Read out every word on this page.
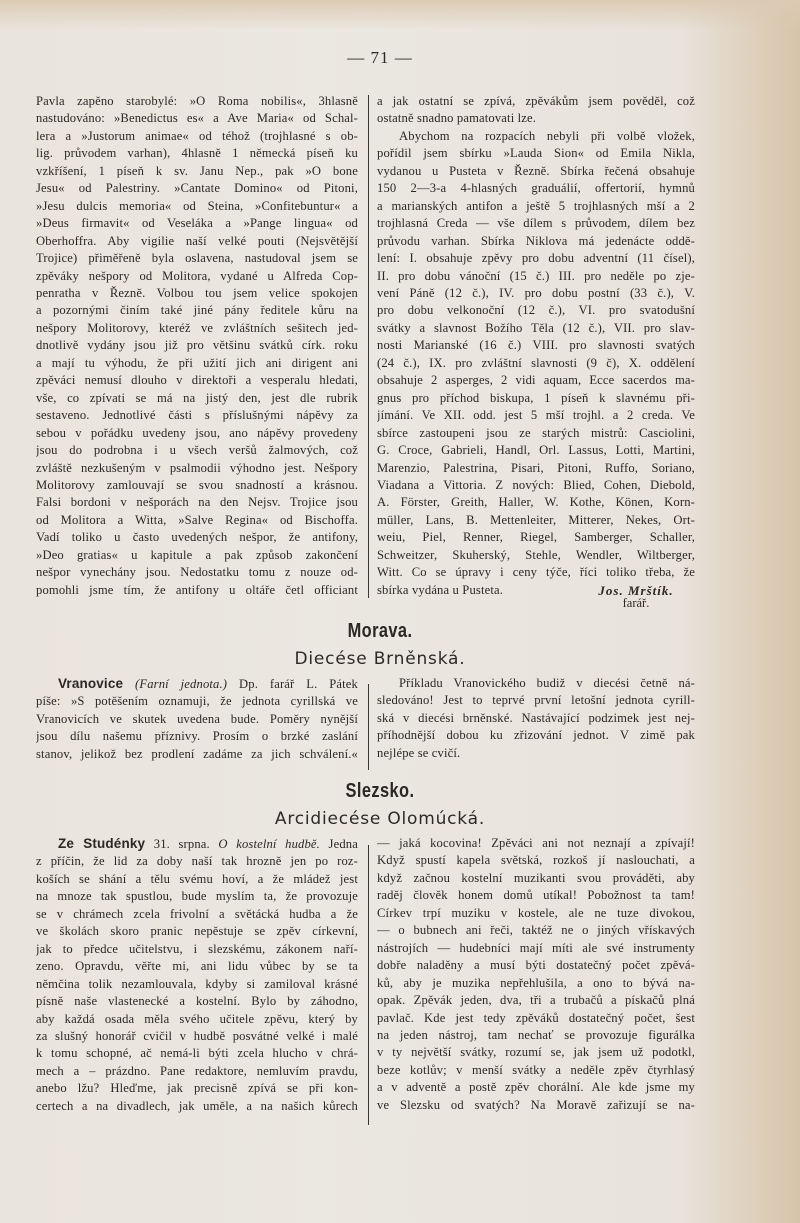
— 71 —
Pavla zapěno starobylé: »O Roma nobilis«, 3hlasně
nastudováno: »Benedictus es« a Ave Maria« od Schal-
lera a »Justorum animae« od téhož (trojhlasné s ob-
lig. průvodem varhan), 4hlasně 1 německá píseň ku
vzkříšení, 1 píseň k sv. Janu Nep., pak »O bone
Jesu« od Palestriny. »Cantate Domino« od Pitoni,
»Jesu dulcis memoria« od Steina, »Confitebuntur« a
»Deus firmavit« od Veseláka a »Pange lingua« od
Oberhoffra. Aby vigilie naší velké pouti (Nejsvětější
Trojice) přiměřeně byla oslavena, nastudoval jsem se
zpěváky nešpory od Molitora, vydané u Alfreda Cop-
penratha v Řezně. Volbou tou jsem velice spokojen
a pozornými činím také jiné pány ředitele kůru na
nešpory Molitorovy, kteréž ve zvláštních sešitech jed-
dnotlivě vydány jsou již pro většinu svátků círk. roku
a mají tu výhodu, že při užití jich ani dirigent ani
zpěváci nemusí dlouho v direktoři a vesperalu hledati,
vše, co zpívati se má na jistý den, jest dle rubrik
sestaveno. Jednotlivé části s příslušnými nápěvy za
sebou v pořádku uvedeny jsou, ano nápěvy provedeny
jsou do podrobna i u všech veršů žalmových, což
zvláště nezkušeným v psalmodii výhodno jest. Nešpory
Molitorovy zamlouvají se svou snadností a krásnou.
Falsi bordoni v nešporách na den Nejsv. Trojice jsou
od Molitora a Witta, »Salve Regina« od Bischoffa.
Vadí toliko u často uvedených nešpor, že antifony,
»Deo gratias« u kapitule a pak způsob zakončení
nešpor vynechány jsou. Nedostatku tomu z nouze od-
pomohli jsme tím, že antifony u oltáře četl officiant
a jak ostatní se zpívá, zpěvákům jsem pověděl, což
ostatně snadno pamatovati lze.
Abychom na rozpacích nebyli při volbě vložek,
pořídil jsem sbírku »Lauda Sion« od Emila Nikla,
vydanou u Pusteta v Řezně. Sbírka řečená obsahuje
150 2—3-a 4-hlasných graduálií, offertorií, hymnů
a marianských antifon a ještě 5 trojhlasných mší a 2
trojhlasná Creda — vše dílem s průvodem, dílem bez
průvodu varhan. Sbírka Niklova má jedenácte oddě-
lení: I. obsahuje zpěvy pro dobu adventní (11 čísel),
II. pro dobu vánoční (15 č.) III. pro neděle po zje-
vení Páně (12 č.), IV. pro dobu postní (33 č.), V.
pro dobu velkonoční (12 č.), VI. pro svatodušní
svátky a slavnost Božího Těla (12 č.), VII. pro slav-
nosti Marianské (16 č.) VIII. pro slavnosti svatých
(24 č.), IX. pro zvláštní slavnosti (9 č), X. oddělení
obsahuje 2 asperges, 2 vidi aquam, Ecce sacerdos ma-
gnus pro příchod biskupa, 1 píseň k slavnému při-
jímání. Ve XII. odd. jest 5 mší trojhl. a 2 creda. Ve
sbírce zastoupeni jsou ze starých mistrů: Casciolini,
G. Croce, Gabrieli, Handl, Orl. Lassus, Lotti, Martini,
Marenzio, Palestrina, Pisari, Pitoni, Ruffo, Soriano,
Viadana a Vittoria. Z nových: Blied, Cohen, Diebold,
A. Förster, Greith, Haller, W. Kothe, Könen, Korn-
müller, Lans, B. Mettenleiter, Mitterer, Nekes, Ort-
weiu, Piel, Renner, Riegel, Samberger, Schaller,
Schweitzer, Skuherský, Stehle, Wendler, Wiltberger,
Witt. Co se úpravy i ceny týče, říci toliko třeba, že
sbírka vydána u Pusteta.	Jos. Mrštík.
farář.
Morava.
Diecése Brněnská.
Vranovice (Farní jednota.) Dp. farář L. Pátek
píše: »S potěšením oznamuji, že jednota cyrillská ve
Vranovicích ve skutek uvedena bude. Poměry nynější
jsou dílu našemu příznivy. Prosím o brzké zaslání
stanov, jelikož bez prodlení zadáme za jich schválení.«
Příkladu Vranovického budiž v diecési četně ná-
sledováno! Jest to teprvé první letošní jednota cyrill-
ská v diecési brněnské. Nastávající podzimek jest nej-
příhodnější dobou ku zřizování jednot. V zimě pak
nejlépe se cvičí.
Slezsko.
Arcidiecése Olomúcká.
Ze Studénky 31. srpna. O kostelní hudbě. Jedna
z příčin, že lid za doby naší tak hrozně jen po roz-
koších se shání a tělu svému hoví, a že mládež jest
na mnoze tak spustlou, bude myslím ta, že provozuje
se v chrámech zcela frivolní a světácká hudba a že
ve školách skoro pranic nepěstuje se zpěv církevní,
jak to předce učitelstvu, i slezskému, zákonem naří-
zeno. Opravdu, věřte mi, ani lidu vůbec by se ta
němčina tolik nezamlouvala, kdyby si zamiloval krásné
písně naše vlastenecké a kostelní. Bylo by záhodno,
aby každá osada měla svého učitele zpěvu, který by
za slušný honorář cvičil v hudbě posvátné velké i malé
k tomu schopné, ač nemá-li býti zcela hlucho v chrá-
mech a – prázdno. Pane redaktore, nemluvím pravdu,
anebo lžu? Hleďme, jak precisně zpívá se při kon-
certech a na divadlech, jak uměle, a na našich kůrech
— jaká kocovina! Zpěváci ani not neznají a zpívají!
Když spustí kapela světská, rozkoš jí naslouchati, a
když začnou kostelní muzikanti svou prováděti, aby
raděj člověk honem domů utíkal! Pobožnost ta tam!
Církev trpí muziku v kostele, ale ne tuze divokou,
— o bubnech ani řeči, taktéž ne o jiných vřískavých
nástrojích — hudebníci mají míti ale své instrumenty
dobře naladěny a musí býti dostatečný počet zpěvá-
ků, aby je muzika nepřehlušila, a ono to bývá na-
opak. Zpěvák jeden, dva, tři a trubačů a pískačů plná
pavlač. Kde jest tedy zpěváků dostatečný počet, šest
na jeden nástroj, tam nechať se provozuje figurálka
v ty největší svátky, rozumí se, jak jsem už podotkl,
beze kotlův; v menší svátky a neděle zpěv čtyrhlasý
a v adventě a postě zpěv chorální. Ale kde jsme my
ve Slezsku od svatých? Na Moravě zařizují se na-
